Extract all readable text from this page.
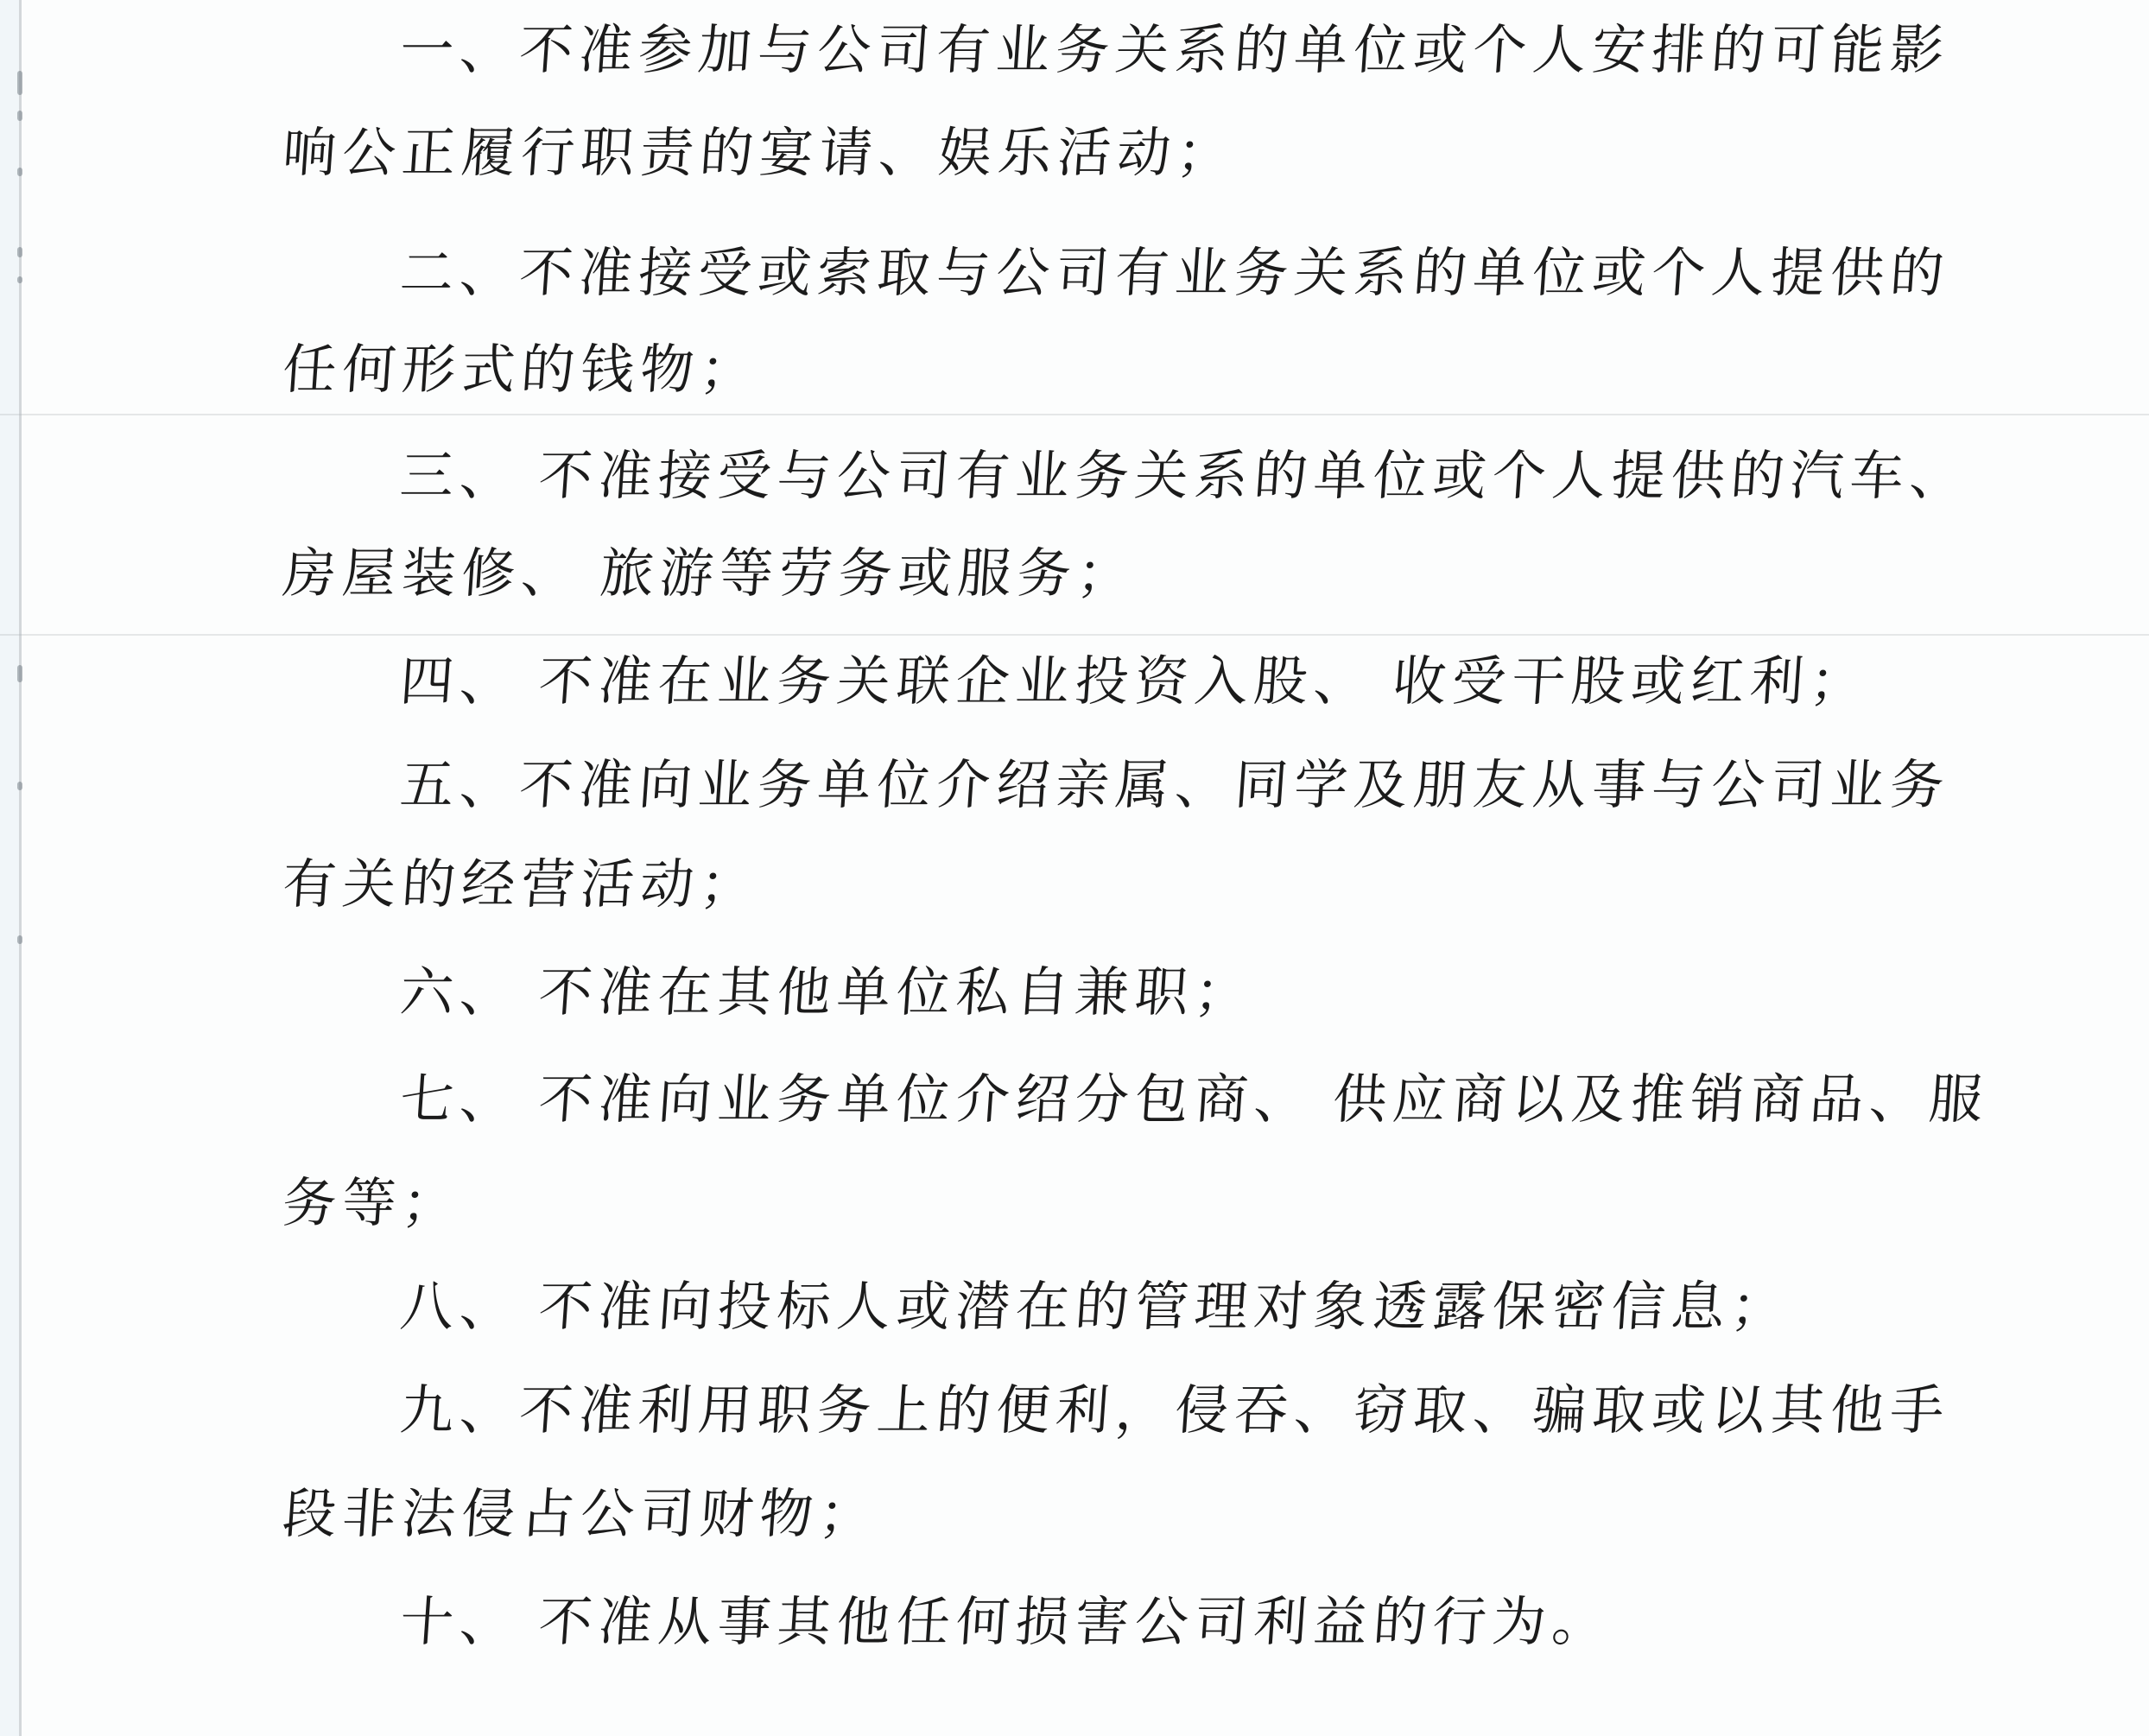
一、不准参加与公司有业务关系的单位或个人安排的可能影
响公正履行职责的宴请、娱乐活动；
二、不准接受或索取与公司有业务关系的单位或个人提供的
任何形式的钱物；
三、 不准接受与公司有业务关系的单位或个人提供的汽车、
房屋装修、 旅游等劳务或服务；
四、 不准在业务关联企业投资入股、 收受干股或红利；
五、不准向业务单位介绍亲属、同学及朋友从事与公司业务
有关的经营活动；
六、 不准在其他单位私自兼职；
七、 不准向业务单位介绍分包商、 供应商以及推销商品、服
务等；
八、 不准向投标人或潜在的管理对象透露保密信息；
九、不准利用职务上的便利，侵吞、窃取、骗取或以其他手
段非法侵占公司财物；
十、 不准从事其他任何损害公司利益的行为。
